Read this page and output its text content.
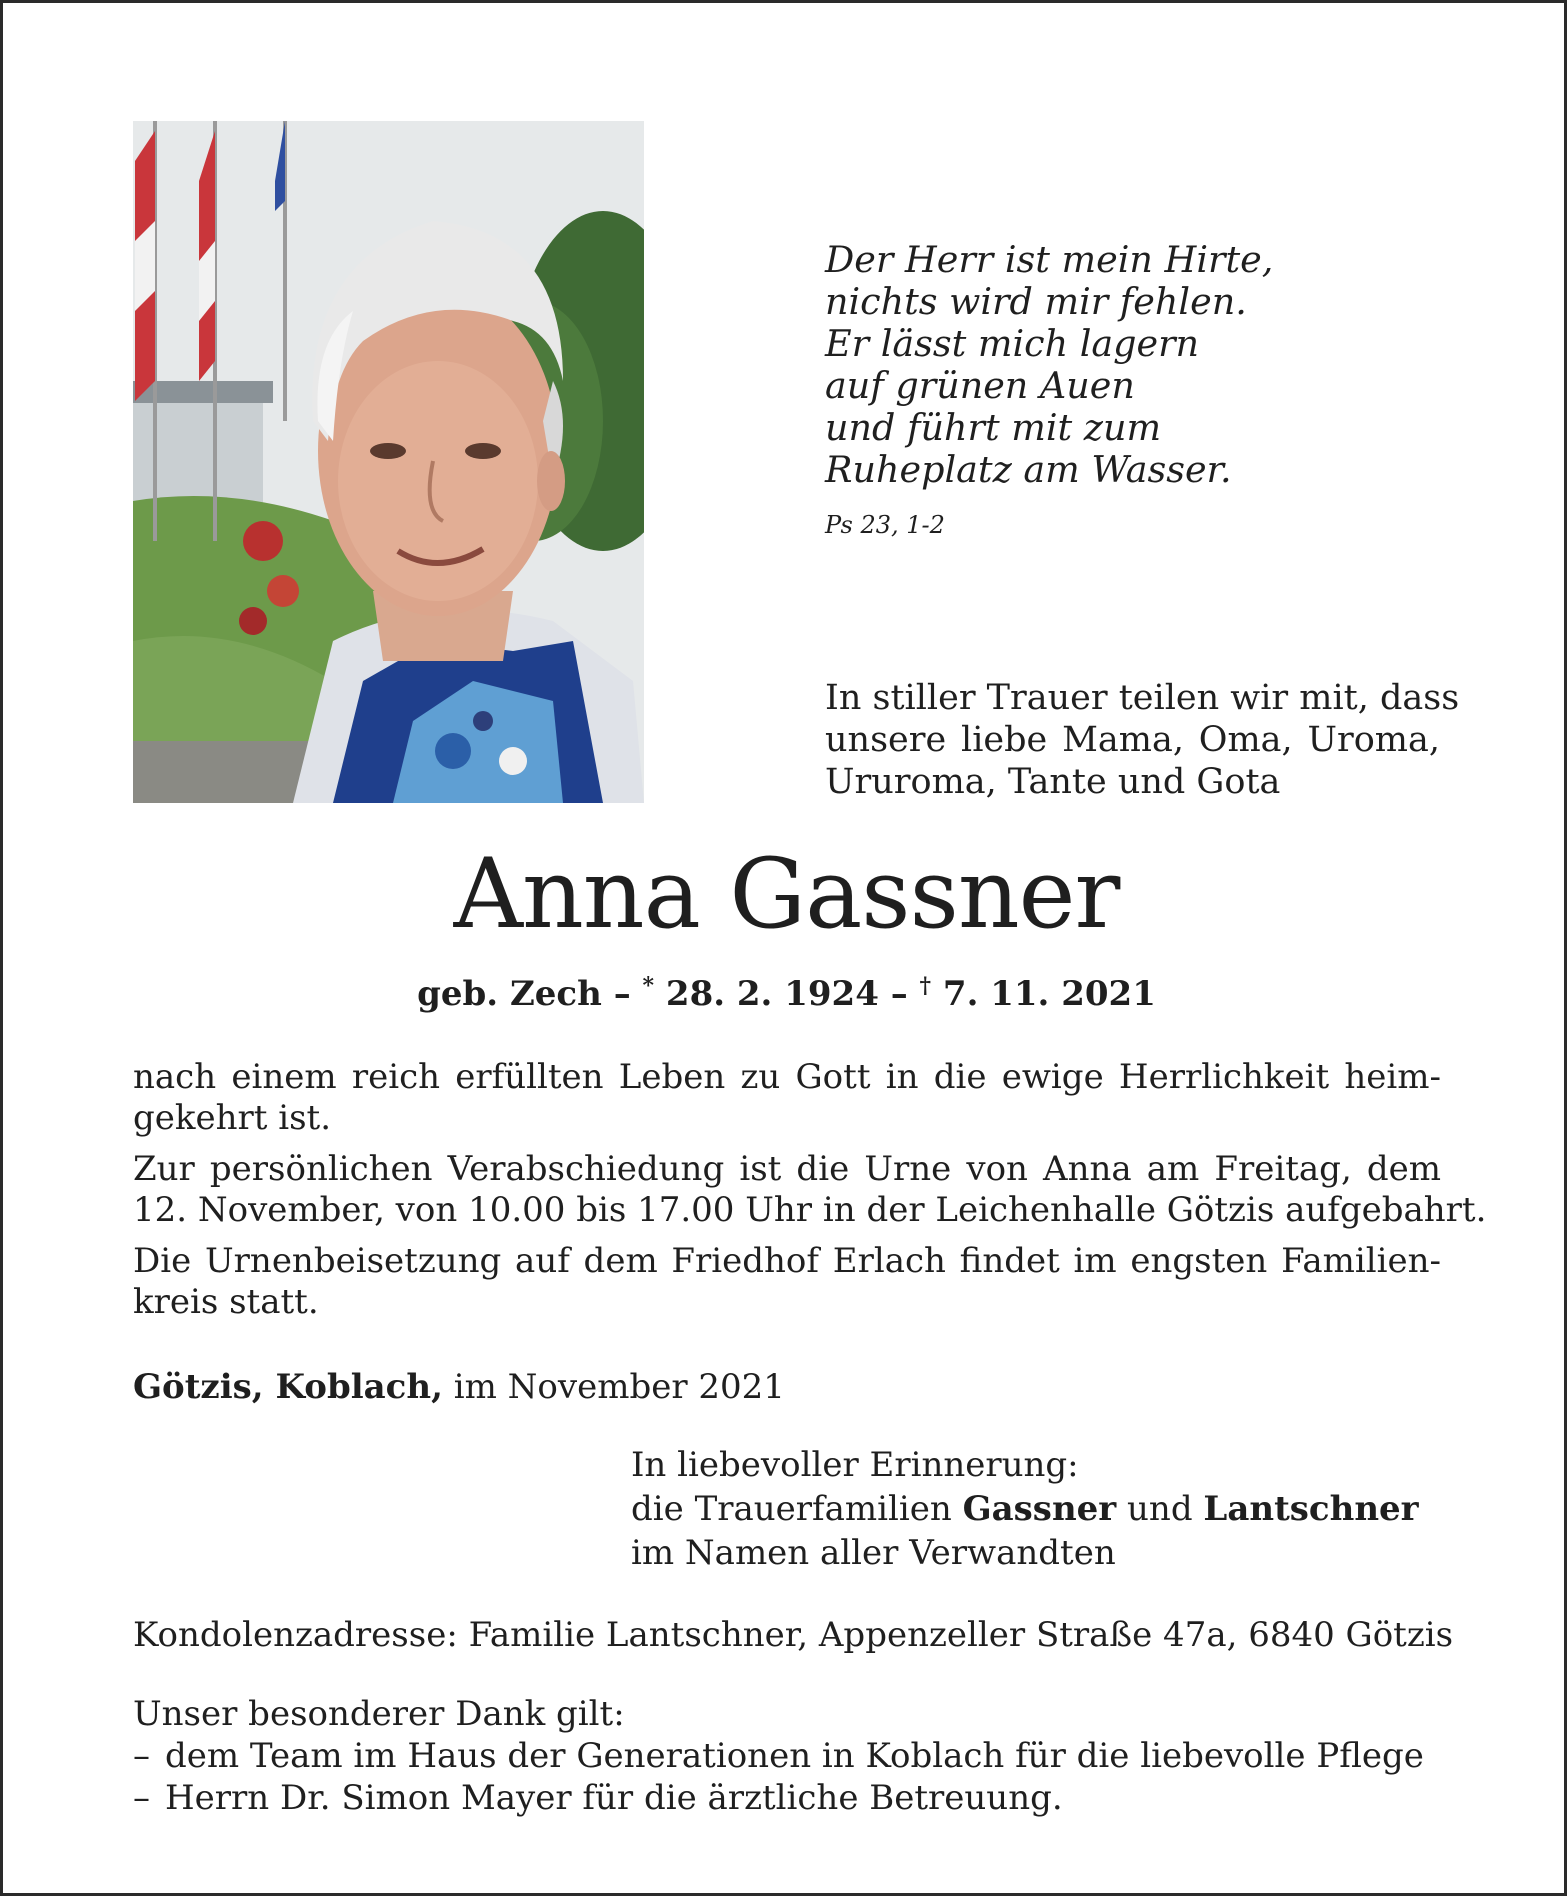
Der Herr ist mein Hirte,
nichts wird mir fehlen.
Er lässt mich lagern
auf grünen Auen
und führt mit zum
Ruheplatz am Wasser.
Ps 23, 1-2
In stiller Trauer teilen wir mit, dass
unsere liebe Mama, Oma, Uroma,
Ururoma, Tante und Gota
Anna Gassner
geb. Zech – * 28. 2. 1924 – † 7. 11. 2021

nach einem reich erfüllten Leben zu Gott in die ewige Herrlichkeit heim-
gekehrt ist.

Zur persönlichen Verabschiedung ist die Urne von Anna am Freitag, dem
12. November, von 10.00 bis 17.00 Uhr in der Leichenhalle Götzis aufgebahrt.

Die Urnenbeisetzung auf dem Friedhof Erlach findet im engsten Familien-
kreis statt.

Götzis, Koblach, im November 2021
In liebevoller Erinnerung:
die Trauerfamilien Gassner und Lantschner
im Namen aller Verwandten
Kondolenzadresse: Familie Lantschner, Appenzeller Straße 47a, 6840 Götzis
Unser besonderer Dank gilt:
– dem Team im Haus der Generationen in Koblach für die liebevolle Pflege
– Herrn Dr. Simon Mayer für die ärztliche Betreuung.
